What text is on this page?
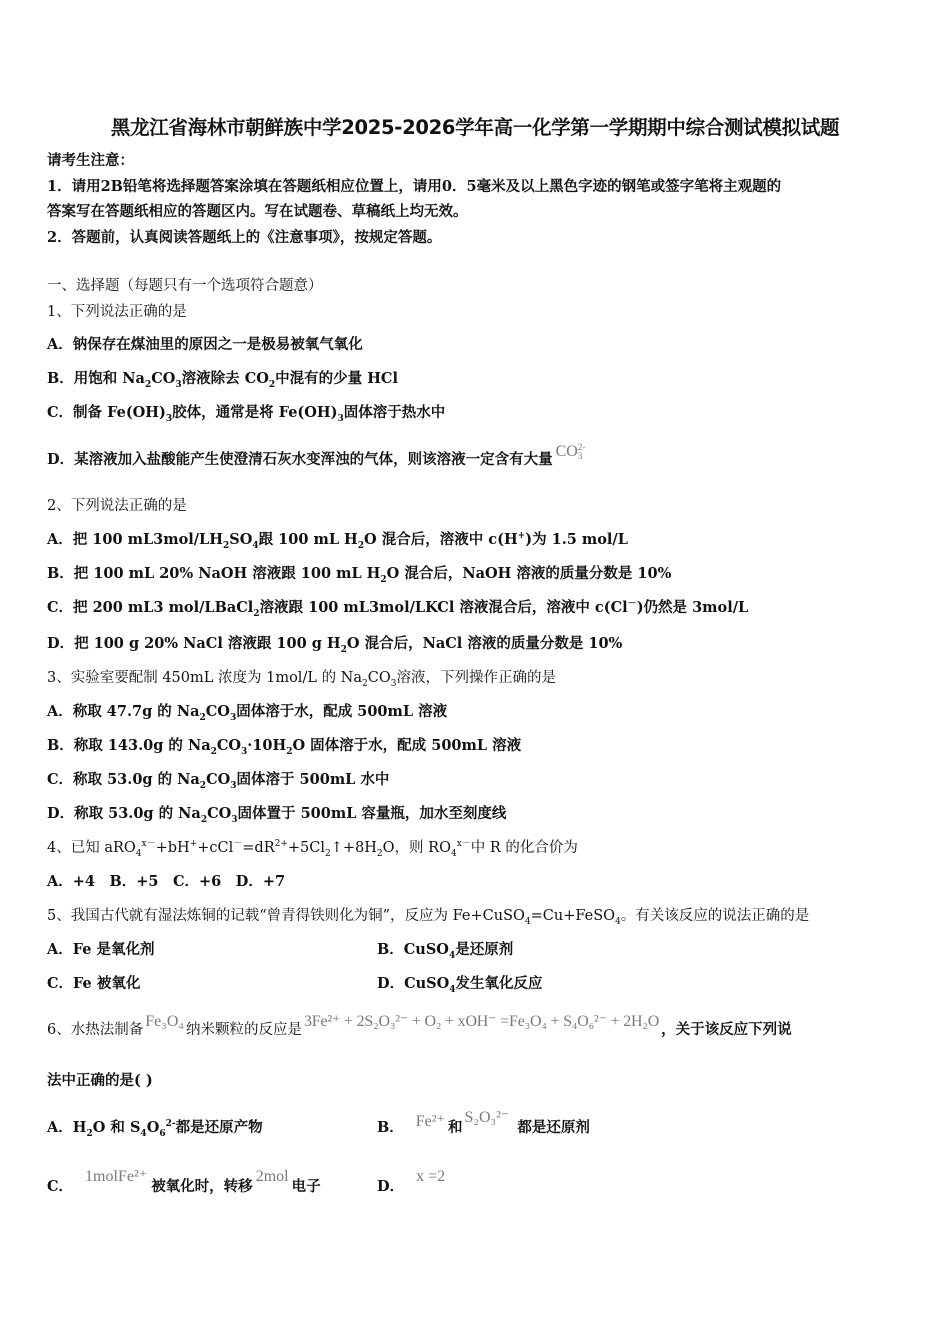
黑龙江省海林市朝鲜族中学2025-2026学年高一化学第一学期期中综合测试模拟试题
请考生注意：
1．请用2B铅笔将选择题答案涂填在答题纸相应位置上，请用0．5毫米及以上黑色字迹的钢笔或签字笔将主观题的
答案写在答题纸相应的答题区内。写在试题卷、草稿纸上均无效。
2．答题前，认真阅读答题纸上的《注意事项》，按规定答题。
一、选择题（每题只有一个选项符合题意）
1、下列说法正确的是
A．钠保存在煤油里的原因之一是极易被氧气氧化
B．用饱和 $Na_2CO_3$溶液除去 $CO_2$中混有的少量 HCl
C．制备 $Fe(OH)_3$胶体，通常是将 $Fe(OH)_3$固体溶于热水中
D．某溶液加入盐酸能产生使澄清石灰水变浑浊的气体，则该溶液一定含有大量 CO 2-
3
2、下列说法正确的是
A．把 100 $mL3mol/LH_2SO_4$跟 100 mL $H_2O$ 混合后，溶液中 c(H+)为 1.5 mol/L
B．把 100 mL 20% NaOH 溶液跟 100 mL $H_2O$ 混合后，NaOH 溶液的质量分数是 10%
C．把 200 mL3 mol/LBaCl$_2$溶液跟 100 mL3mol/LKCl 溶液混合后，溶液中 c(Cl－)仍然是 3mol/L
D．把 100 g 20% NaCl 溶液跟 100 g $H_2O$ 混合后，NaCl 溶液的质量分数是 10%
3、实验室要配制 450mL 浓度为 1mol/L 的 $Na_2CO_3$溶液，下列操作正确的是
A．称取 47.7g 的 $Na_2CO_3$固体溶于水，配成 500mL 溶液
B．称取 143.0g 的 $Na_2CO_3\cdot 10H_2O$ 固体溶于水，配成 500mL 溶液
C．称取 53.0g 的 $Na_2CO_3$固体溶于 500mL 水中
D．称取 53.0g 的 $Na_2CO_3$固体置于 500mL 容量瓶，加水至刻度线
4、已知 $aRO_4^{x-}+bH^++cCl^-=dR^{2+}+5Cl_2↑+8H_2O$，则 $RO_4^{x-}$中 R 的化合价为
A．+4　B．+5　C．+6　D．+7
5、我国古代就有湿法炼铜的记载“曾青得铁则化为铜”，反应为 Fe+CuSO$_4$=Cu+FeSO$_4$。有关该反应的说法正确的是
A．Fe 是氧化剂	B．CuSO$_4$是还原剂
C．Fe 被氧化	D．CuSO$_4$发生氧化反应
6、水热法制备 Fe₃O₄ 纳米颗粒的反应是 3Fe²⁺ + 2S₂O₃²⁻ + O₂ + xOH⁻ =Fe₃O₄ + S₄O₆²⁻ + 2H₂O ，关于该反应下列说
法中正确的是( )
A．$H_2O$ 和 $S_4O_6^{2-}$都是还原产物	B． Fe²⁺ 和S₂O₃²⁻都是还原剂
C．1molFe²⁺被氧化时，转移2mol电子	D．x =2
